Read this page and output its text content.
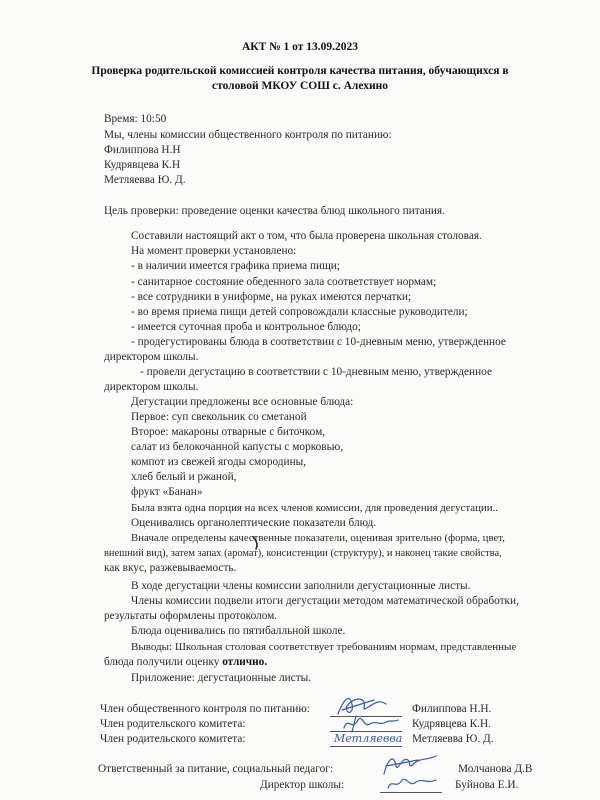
АКТ № 1 от 13.09.2023
Проверка родительской комиссией контроля качества питания, обучающихся в
столовой МКОУ СОШ с. Алехино
Время: 10:50
Мы, члены комиссии общественного контроля по питанию:
Филиппова Н.Н
Кудрявцева К.Н
Метляевва Ю. Д.
Цель проверки: проведение оценки качества блюд школьного питания.
Составили настоящий акт о том, что была проверена школьная столовая.
На момент проверки установлено:
- в наличии имеется графика приема пищи;
- санитарное состояние обеденного зала соответствует нормам;
- все сотрудники в униформе, на руках имеются перчатки;
- во время приема пищи детей сопровождали классные руководители;
- имеется суточная проба и контрольное блюдо;
- продегустированы блюда в соответствии с 10-дневным меню, утвержденное
директором школы.
- провели дегустацию в соответствии с 10-дневным меню, утвержденное
директором школы.
Дегустации предложены все основные блюда:
Первое: суп свекольник со сметаной
Второе: макароны отварные с биточком,
салат из белокочанной капусты с морковью,
компот из свежей ягоды смородины,
хлеб белый и ржаной,
фрукт «Банан»
Была взята одна порция на всех членов комиссии, для проведения дегустации..
Оценивались органолептические показатели блюд.
Вначале определены качественные показатели, оценивая зрительно (форма, цвет,
внешний вид), затем запах (аромат), консистенции (структуру), и наконец такие свойства,
как вкус, разжевываемость.
В ходе дегустации члены комиссии заполнили дегустационные листы.
Члены комиссии подвели итоги дегустации методом математической обработки,
результаты оформлены протоколом.
Блюда оценивались по пятибалльной школе.
Выводы: Школьная столовая соответствует требованиям нормам, представленные
блюда получили оценку отлично.
Приложение: дегустационные листы.
Член общественного контроля по питанию:	Филиппова Н.Н.
Член родительского комитета:	Кудрявцева К.Н.
Член родительского комитета:	Метляевва Ю. Д.
Метляевва
Ответственный за питание, социальный педагог:	Молчанова Д.В
Директор школы:	Буйнова Е.И.
